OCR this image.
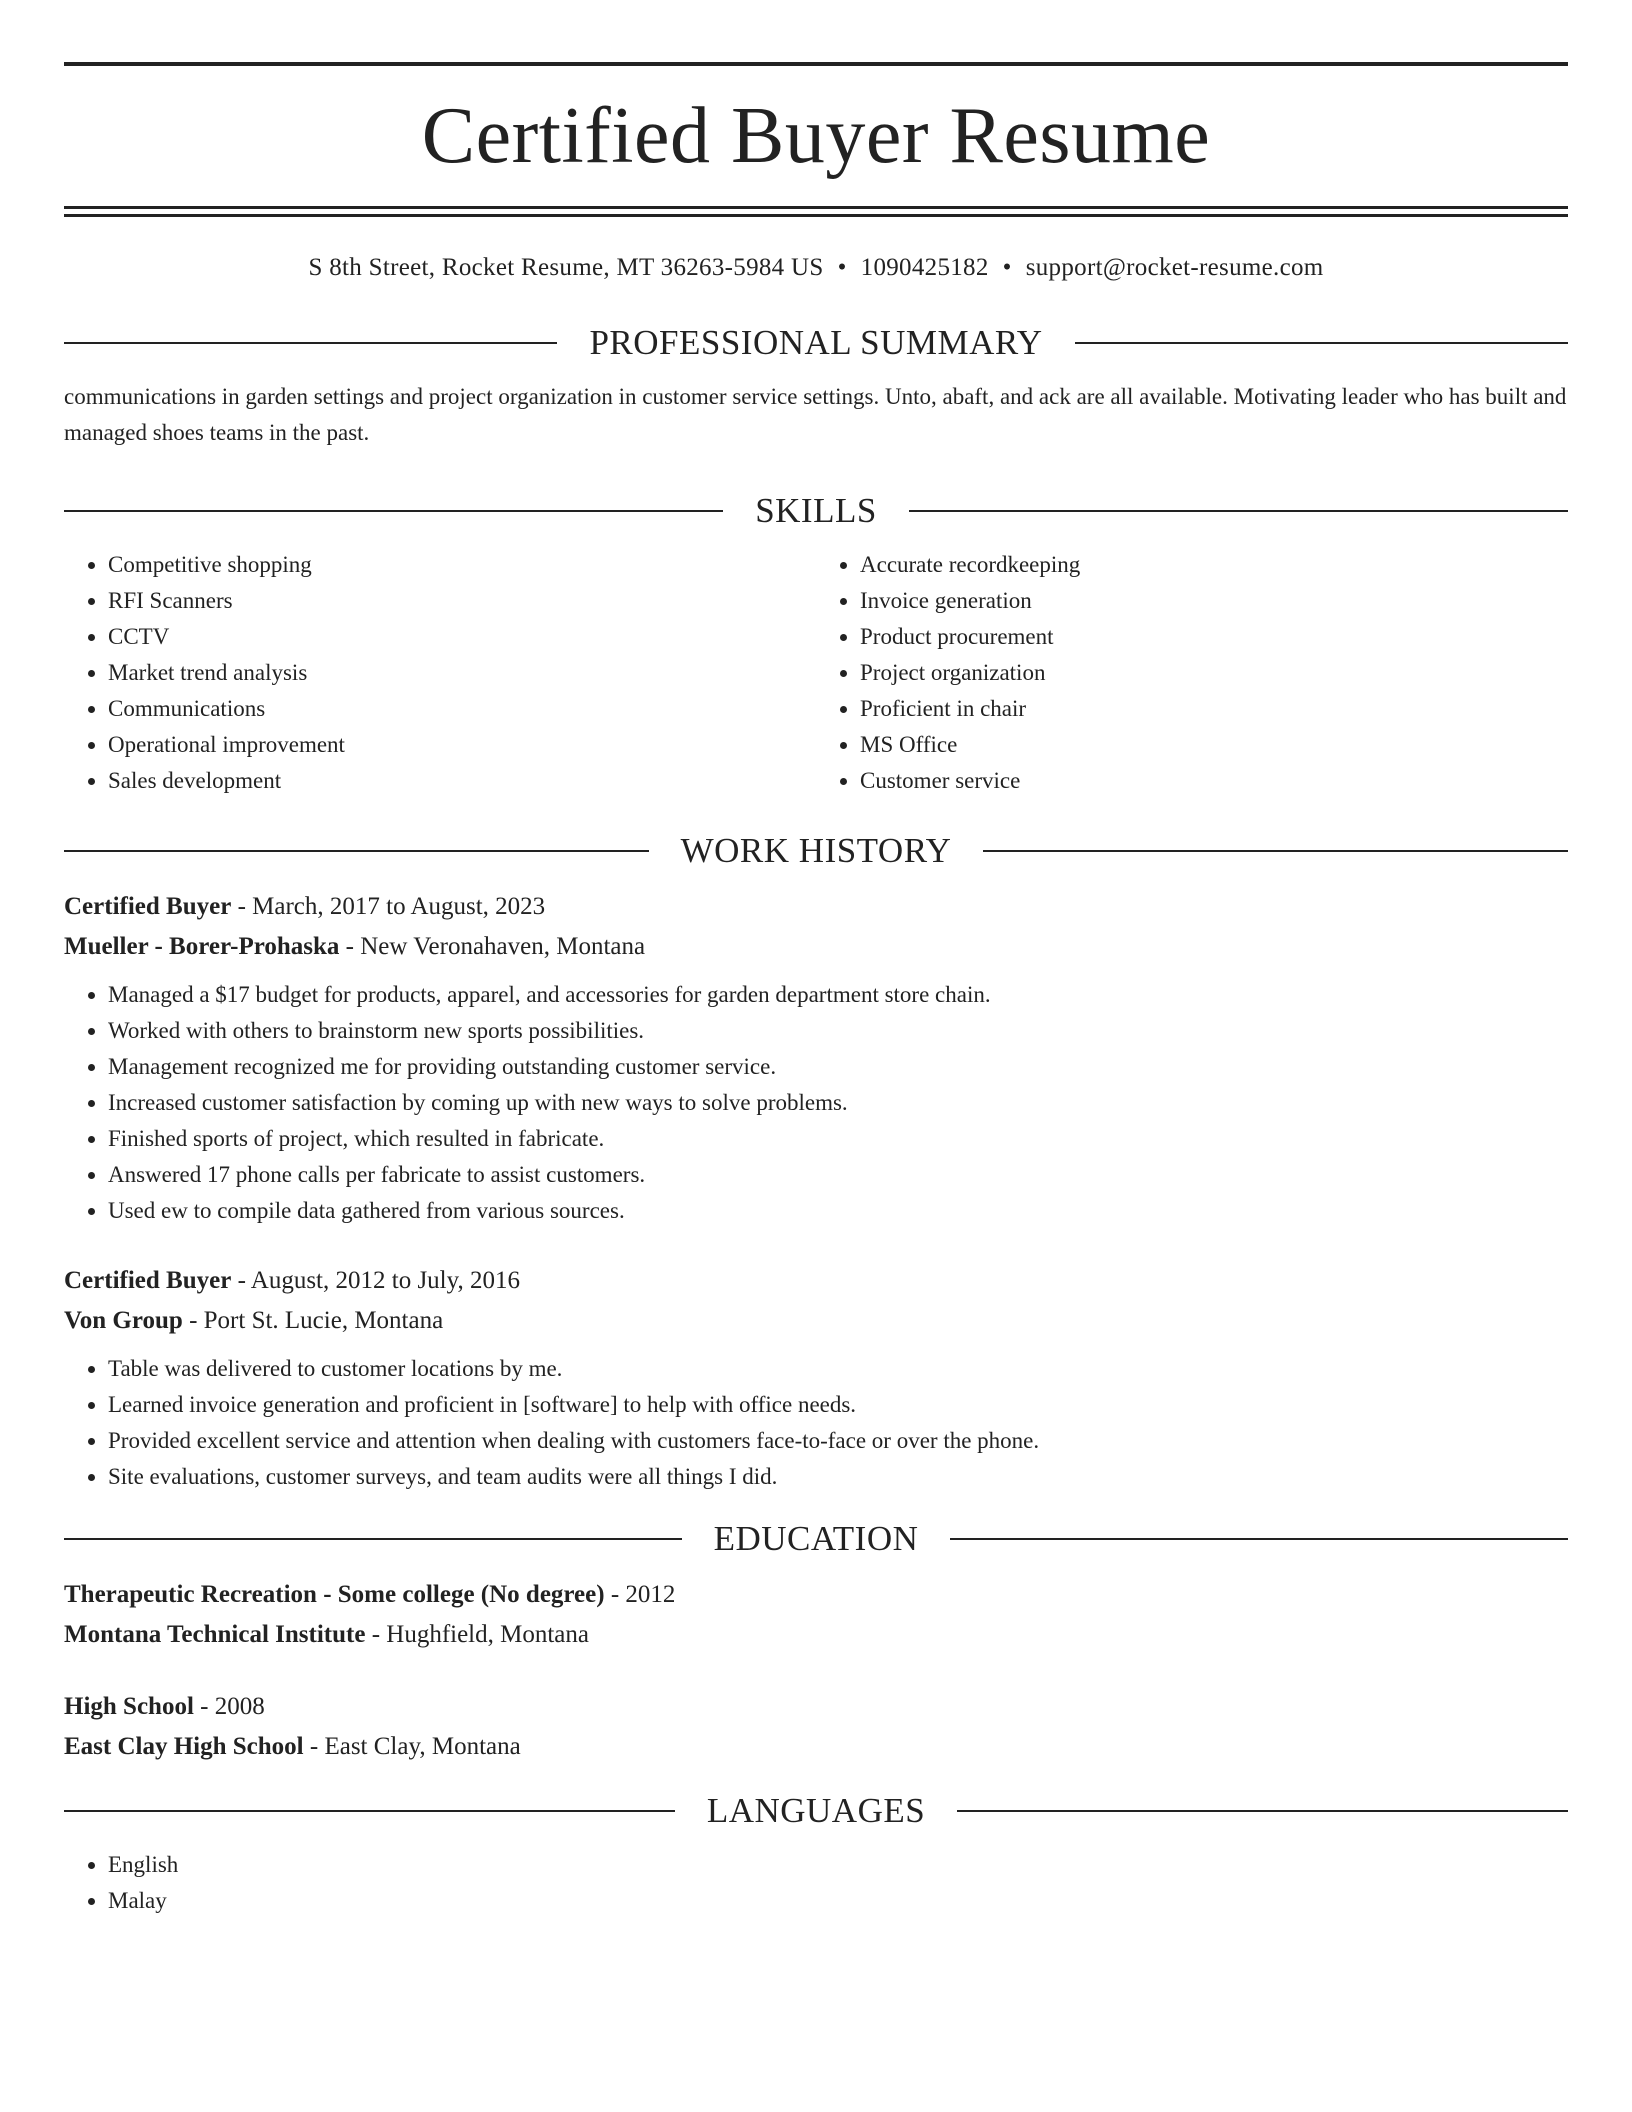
Certified Buyer Resume
S 8th Street, Rocket Resume, MT 36263-5984 US • 1090425182 • support@rocket-resume.com
PROFESSIONAL SUMMARY
communications in garden settings and project organization in customer service settings. Unto, abaft, and ack are all available. Motivating leader who has built and managed shoes teams in the past.
SKILLS
• Competitive shopping
• RFI Scanners
• CCTV
• Market trend analysis
• Communications
• Operational improvement
• Sales development
• Accurate recordkeeping
• Invoice generation
• Product procurement
• Project organization
• Proficient in chair
• MS Office
• Customer service
WORK HISTORY
Certified Buyer - March, 2017 to August, 2023
Mueller - Borer-Prohaska - New Veronahaven, Montana
• Managed a $17 budget for products, apparel, and accessories for garden department store chain.
• Worked with others to brainstorm new sports possibilities.
• Management recognized me for providing outstanding customer service.
• Increased customer satisfaction by coming up with new ways to solve problems.
• Finished sports of project, which resulted in fabricate.
• Answered 17 phone calls per fabricate to assist customers.
• Used ew to compile data gathered from various sources.
Certified Buyer - August, 2012 to July, 2016
Von Group - Port St. Lucie, Montana
• Table was delivered to customer locations by me.
• Learned invoice generation and proficient in [software] to help with office needs.
• Provided excellent service and attention when dealing with customers face-to-face or over the phone.
• Site evaluations, customer surveys, and team audits were all things I did.
EDUCATION
Therapeutic Recreation - Some college (No degree) - 2012
Montana Technical Institute - Hughfield, Montana
High School - 2008
East Clay High School - East Clay, Montana
LANGUAGES
• English
• Malay
